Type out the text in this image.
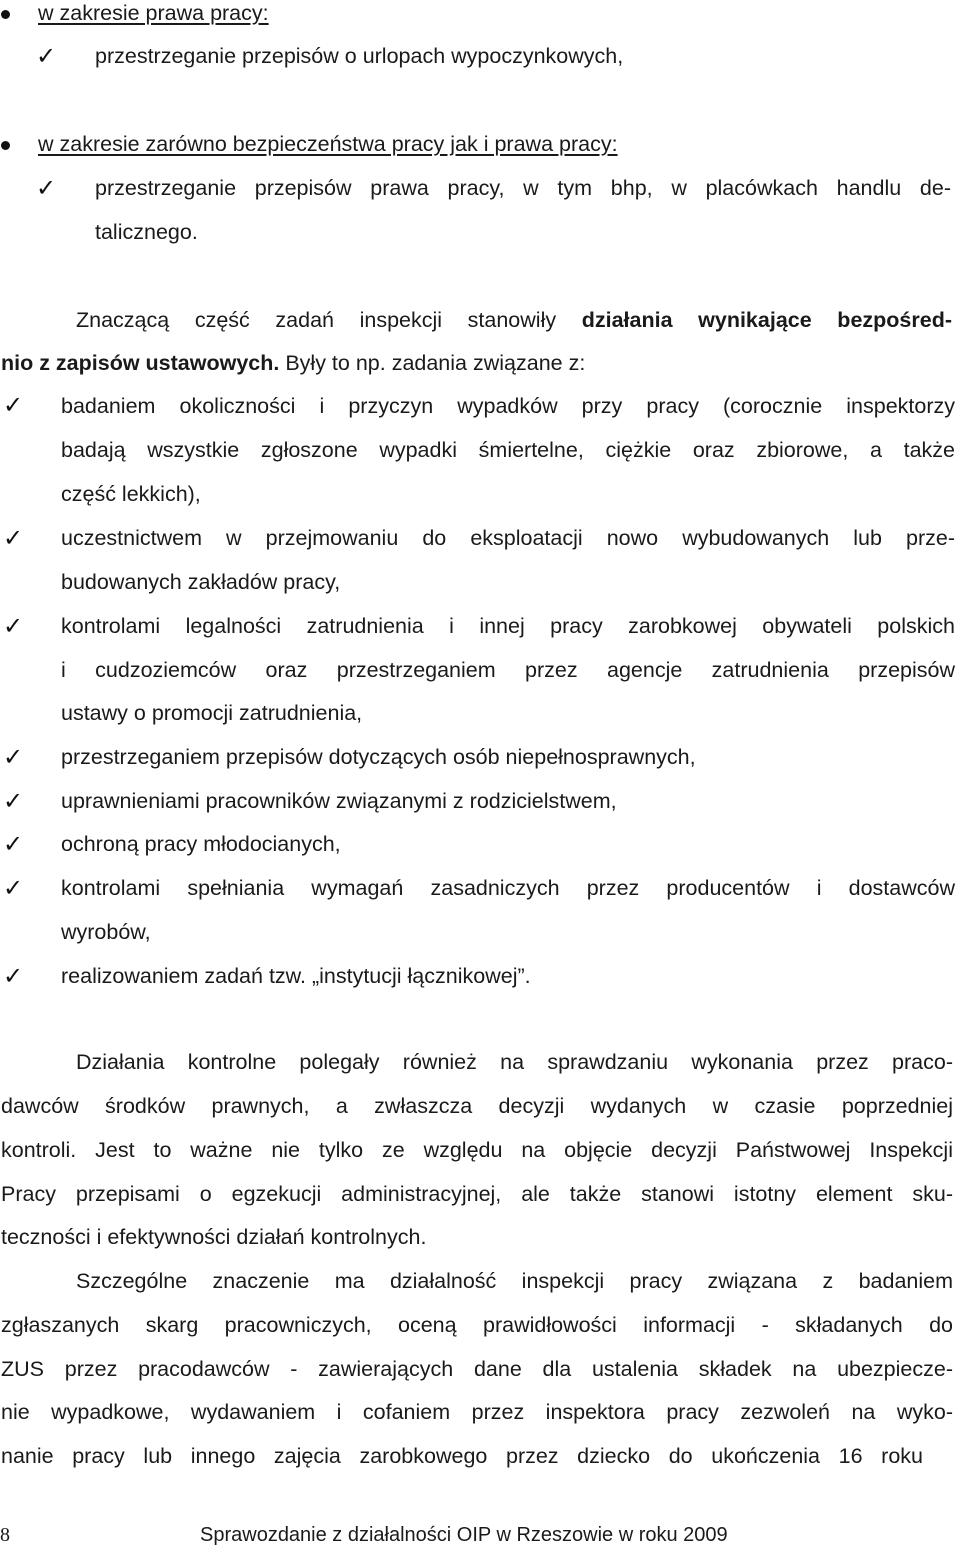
w zakresie prawa pracy:
✓ przestrzeganie przepisów o urlopach wypoczynkowych,
w zakresie zarówno bezpieczeństwa pracy jak i prawa pracy:
✓ przestrzeganie przepisów prawa pracy, w tym bhp, w placówkach handlu de-
talicznego.
Znaczącą część zadań inspekcji stanowiły działania wynikające bezpośred-
nio z zapisów ustawowych. Były to np. zadania związane z:
✓ badaniem okoliczności i przyczyn wypadków przy pracy (corocznie inspektorzy
badają wszystkie zgłoszone wypadki śmiertelne, ciężkie oraz zbiorowe, a także
część lekkich),
✓ uczestnictwem w przejmowaniu do eksploatacji nowo wybudowanych lub prze-
budowanych zakładów pracy,
✓ kontrolami legalności zatrudnienia i innej pracy zarobkowej obywateli polskich
i cudzoziemców oraz przestrzeganiem przez agencje zatrudnienia przepisów
ustawy o promocji zatrudnienia,
✓ przestrzeganiem przepisów dotyczących osób niepełnosprawnych,
✓ uprawnieniami pracowników związanymi z rodzicielstwem,
✓ ochroną pracy młodocianych,
✓ kontrolami spełniania wymagań zasadniczych przez producentów i dostawców
wyrobów,
✓ realizowaniem zadań tzw. „instytucji łącznikowej”.
Działania kontrolne polegały również na sprawdzaniu wykonania przez praco-
dawców środków prawnych, a zwłaszcza decyzji wydanych w czasie poprzedniej
kontroli. Jest to ważne nie tylko ze względu na objęcie decyzji Państwowej Inspekcji
Pracy przepisami o egzekucji administracyjnej, ale także stanowi istotny element sku-
teczności i efektywności działań kontrolnych.
Szczególne znaczenie ma działalność inspekcji pracy związana z badaniem
zgłaszanych skarg pracowniczych, oceną prawidłowości informacji - składanych do
ZUS przez pracodawców - zawierających dane dla ustalenia składek na ubezpiecze-
nie wypadkowe, wydawaniem i cofaniem przez inspektora pracy zezwoleń na wyko-
nanie pracy lub innego zajęcia zarobkowego przez dziecko do ukończenia 16 roku
8	Sprawozdanie z działalności OIP w Rzeszowie w roku 2009
